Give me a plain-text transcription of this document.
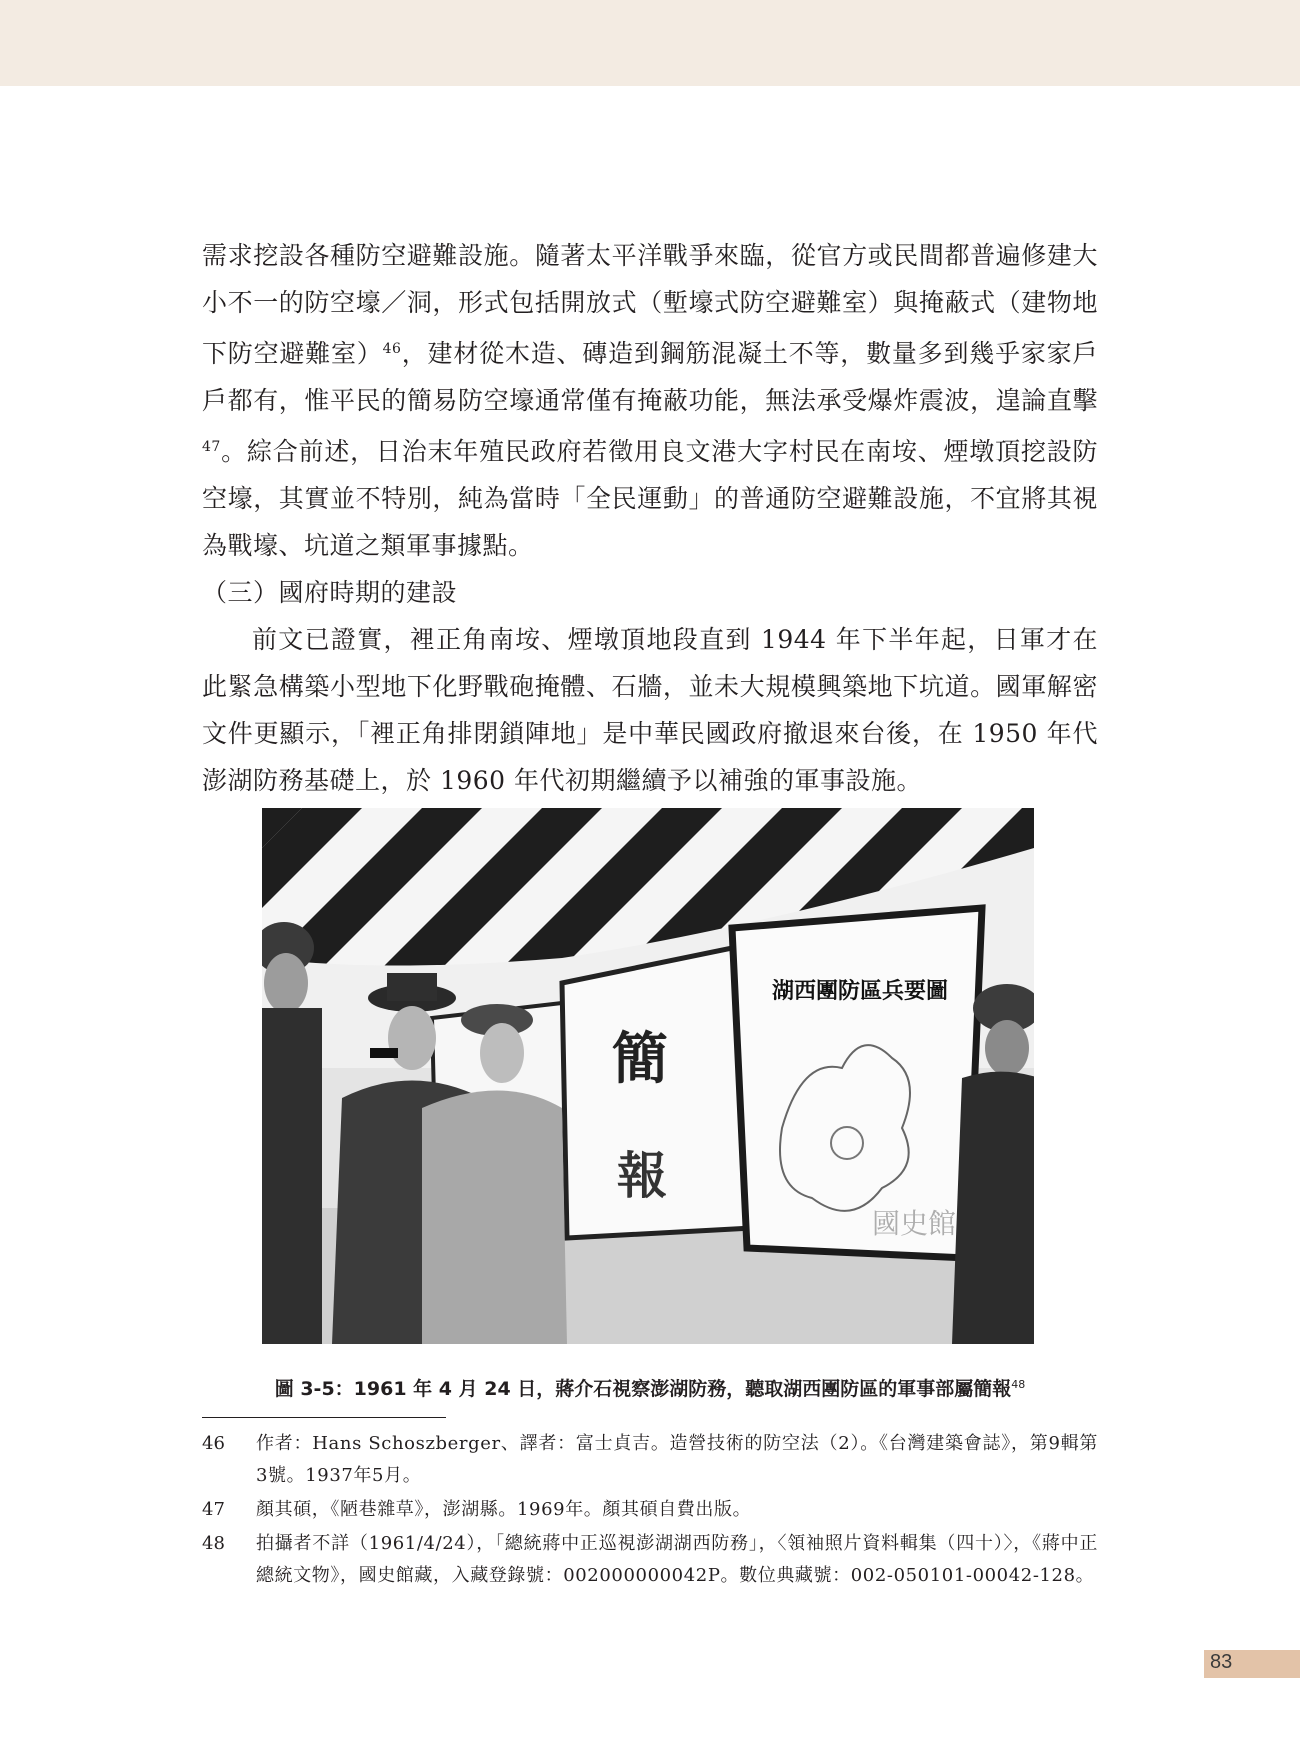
需求挖設各種防空避難設施。隨著太平洋戰爭來臨，從官方或民間都普遍修建大小不一的防空壕／洞，形式包括開放式（塹壕式防空避難室）與掩蔽式（建物地下防空避難室）$^{46}$，建材從木造、磚造到鋼筋混凝土不等，數量多到幾乎家家戶戶都有，惟平民的簡易防空壕通常僅有掩蔽功能，無法承受爆炸震波，遑論直擊$^{47}$。綜合前述，日治末年殖民政府若徵用良文港大字村民在南垵、煙墩頂挖設防空壕，其實並不特別，純為當時「全民運動」的普通防空避難設施，不宜將其視為戰壕、坑道之類軍事據點。

（三）國府時期的建設

前文已證實，裡正角南垵、煙墩頂地段直到 1944 年下半年起，日軍才在此緊急構築小型地下化野戰砲掩體、石牆，並未大規模興築地下坑道。國軍解密文件更顯示，「裡正角排閉鎖陣地」是中華民國政府撤退來台後，在 1950 年代澎湖防務基礎上，於 1960 年代初期繼續予以補強的軍事設施。

湖西團防區兵要圖
簡
報
國史館
圖 3-5：1961 年 4 月 24 日，蔣介石視察澎湖防務，聽取湖西團防區的軍事部屬簡報$^{48}$
46	作者：Hans Schoszberger、譯者：富士貞吉。造營技術的防空法（2）。《台灣建築會誌》，第9輯第3號。1937年5月。
47	顏其碩，《陋巷雜草》，澎湖縣。1969年。顏其碩自費出版。
48	拍攝者不詳（1961/4/24），「總統蔣中正巡視澎湖湖西防務」，〈領袖照片資料輯集（四十）〉，《蔣中正總統文物》，國史館藏，入藏登錄號：002000000042P。數位典藏號：002-050101-00042-128。
83
